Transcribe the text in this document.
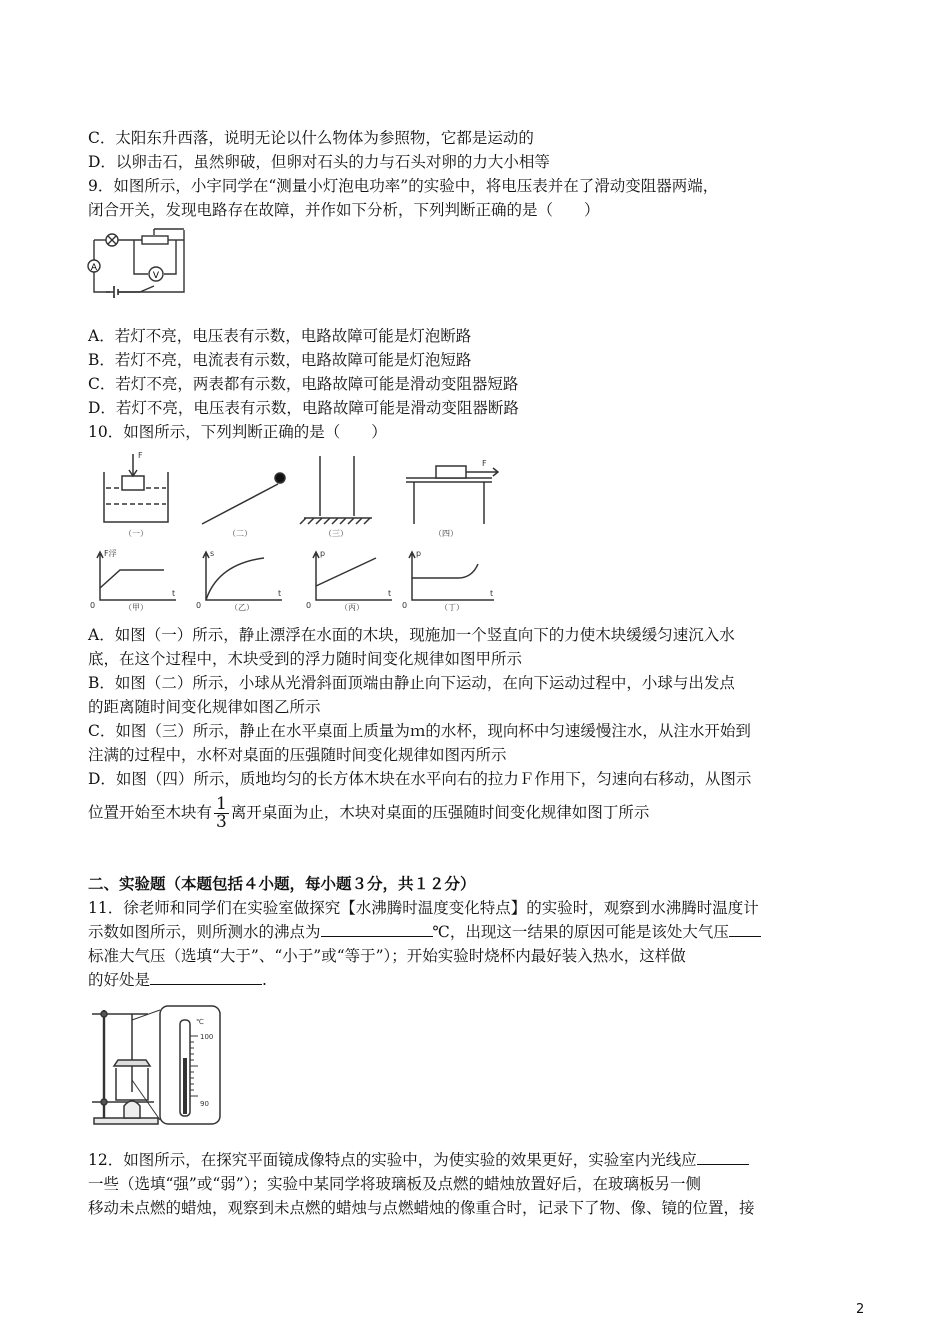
C．太阳东升西落，说明无论以什么物体为参照物，它都是运动的
D．以卵击石，虽然卵破，但卵对石头的力与石头对卵的力大小相等
9．如图所示，小宇同学在“测量小灯泡电功率”的实验中，将电压表并在了滑动变阻器两端，
闭合开关，发现电路存在故障，并作如下分析，下列判断正确的是（　　）
A
V
A．若灯不亮，电压表有示数，电路故障可能是灯泡断路
B．若灯不亮，电流表有示数，电路故障可能是灯泡短路
C．若灯不亮，两表都有示数，电路故障可能是滑动变阻器短路
D．若灯不亮，电压表有示数，电路故障可能是滑动变阻器断路
10．如图所示，下列判断正确的是（　　）
F
F
（一）	（二）	（三）	（四）
F浮	s	p	p
t	t	t	t
0	0	0	0
（甲）	（乙）	（丙）	（丁）
A．如图（一）所示，静止漂浮在水面的木块，现施加一个竖直向下的力使木块缓缓匀速沉入水
底，在这个过程中，木块受到的浮力随时间变化规律如图甲所示
B．如图（二）所示，小球从光滑斜面顶端由静止向下运动，在向下运动过程中，小球与出发点
的距离随时间变化规律如图乙所示
C．如图（三）所示，静止在水平桌面上质量为ｍ的水杯，现向杯中匀速缓慢注水，从注水开始到
注满的过程中，水杯对桌面的压强随时间变化规律如图丙所示
D．如图（四）所示，质地均匀的长方体木块在水平向右的拉力Ｆ作用下，匀速向右移动，从图示
位置开始至木块有 $\frac{1}{3}$ 离开桌面为止，木块对桌面的压强随时间变化规律如图丁所示
二、实验题（本题包括４小题，每小题３分，共１２分）
11．徐老师和同学们在实验室做探究【水沸腾时温度变化特点】的实验时，观察到水沸腾时温度计
示数如图所示，则所测水的沸点为	℃，出现这一结果的原因可能是该处大气压
标准大气压（选填“大于”、“小于”或“等于”）；开始实验时烧杯内最好装入热水，这样做
的好处是	.
℃
100
90
12．如图所示，在探究平面镜成像特点的实验中，为使实验的效果更好，实验室内光线应
一些（选填“强”或“弱”）；实验中某同学将玻璃板及点燃的蜡烛放置好后，在玻璃板另一侧
移动未点燃的蜡烛，观察到未点燃的蜡烛与点燃蜡烛的像重合时，记录下了物、像、镜的位置，接
2
